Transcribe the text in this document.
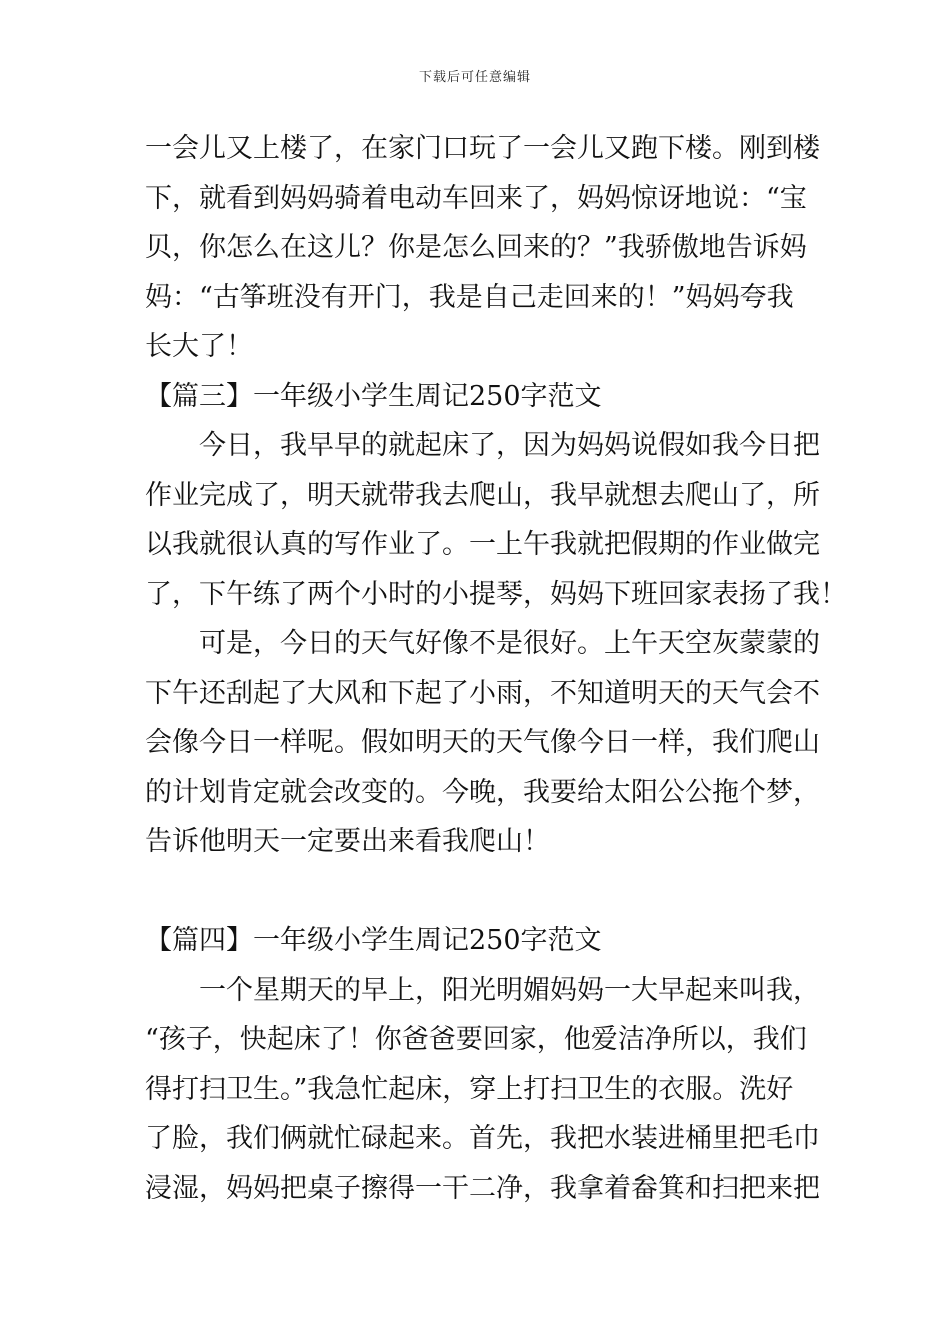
下载后可任意编辑
一会儿又上楼了，在家门口玩了一会儿又跑下楼。刚到楼
下，就看到妈妈骑着电动车回来了，妈妈惊讶地说：“宝
贝，你怎么在这儿？你是怎么回来的？”我骄傲地告诉妈
妈：“古筝班没有开门，我是自己走回来的！”妈妈夸我
长大了！
【篇三】一年级小学生周记250字范文
今日，我早早的就起床了，因为妈妈说假如我今日把
作业完成了，明天就带我去爬山，我早就想去爬山了，所
以我就很认真的写作业了。一上午我就把假期的作业做完
了，下午练了两个小时的小提琴，妈妈下班回家表扬了我！
可是，今日的天气好像不是很好。上午天空灰蒙蒙的
下午还刮起了大风和下起了小雨，不知道明天的天气会不
会像今日一样呢。假如明天的天气像今日一样，我们爬山
的计划肯定就会改变的。今晚，我要给太阳公公拖个梦，
告诉他明天一定要出来看我爬山！
【篇四】一年级小学生周记250字范文
一个星期天的早上，阳光明媚妈妈一大早起来叫我，
“孩子，快起床了！你爸爸要回家，他爱洁净所以，我们
得打扫卫生。”我急忙起床，穿上打扫卫生的衣服。洗好
了脸，我们俩就忙碌起来。首先，我把水装进桶里把毛巾
浸湿，妈妈把桌子擦得一干二净，我拿着畚箕和扫把来把
